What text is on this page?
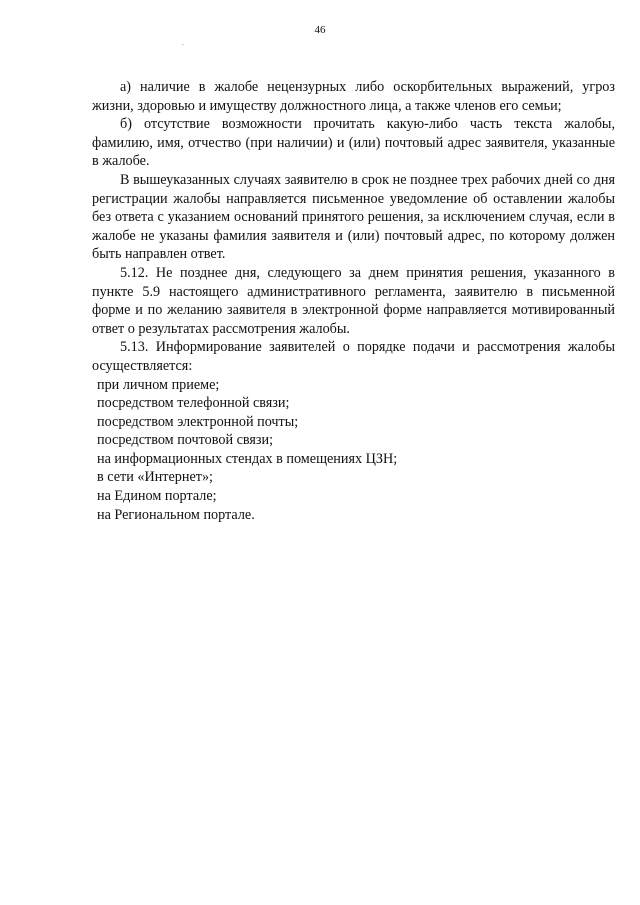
46

а) наличие в жалобе нецензурных либо оскорбительных выражений, угроз жизни, здоровью и имуществу должностного лица, а также членов его семьи;

б) отсутствие возможности прочитать какую-либо часть текста жалобы, фамилию, имя, отчество (при наличии) и (или) почтовый адрес заявителя, указанные в жалобе.

В вышеуказанных случаях заявителю в срок не позднее трех рабочих дней со дня регистрации жалобы направляется письменное уведомление об оставлении жалобы без ответа с указанием оснований принятого решения, за исключением случая, если в жалобе не указаны фамилия заявителя и (или) почтовый адрес, по которому должен быть направлен ответ.

5.12. Не позднее дня, следующего за днем принятия решения, указанного в пункте 5.9 настоящего административного регламента, заявителю в письменной форме и по желанию заявителя в электронной форме направляется мотивированный ответ о результатах рассмотрения жалобы.

5.13. Информирование заявителей о порядке подачи и рассмотрения жалобы осуществляется:

при личном приеме;

посредством телефонной связи;

посредством электронной почты;

посредством почтовой связи;

на информационных стендах в помещениях ЦЗН;

в сети «Интернет»;

на Едином портале;

на Региональном портале.
